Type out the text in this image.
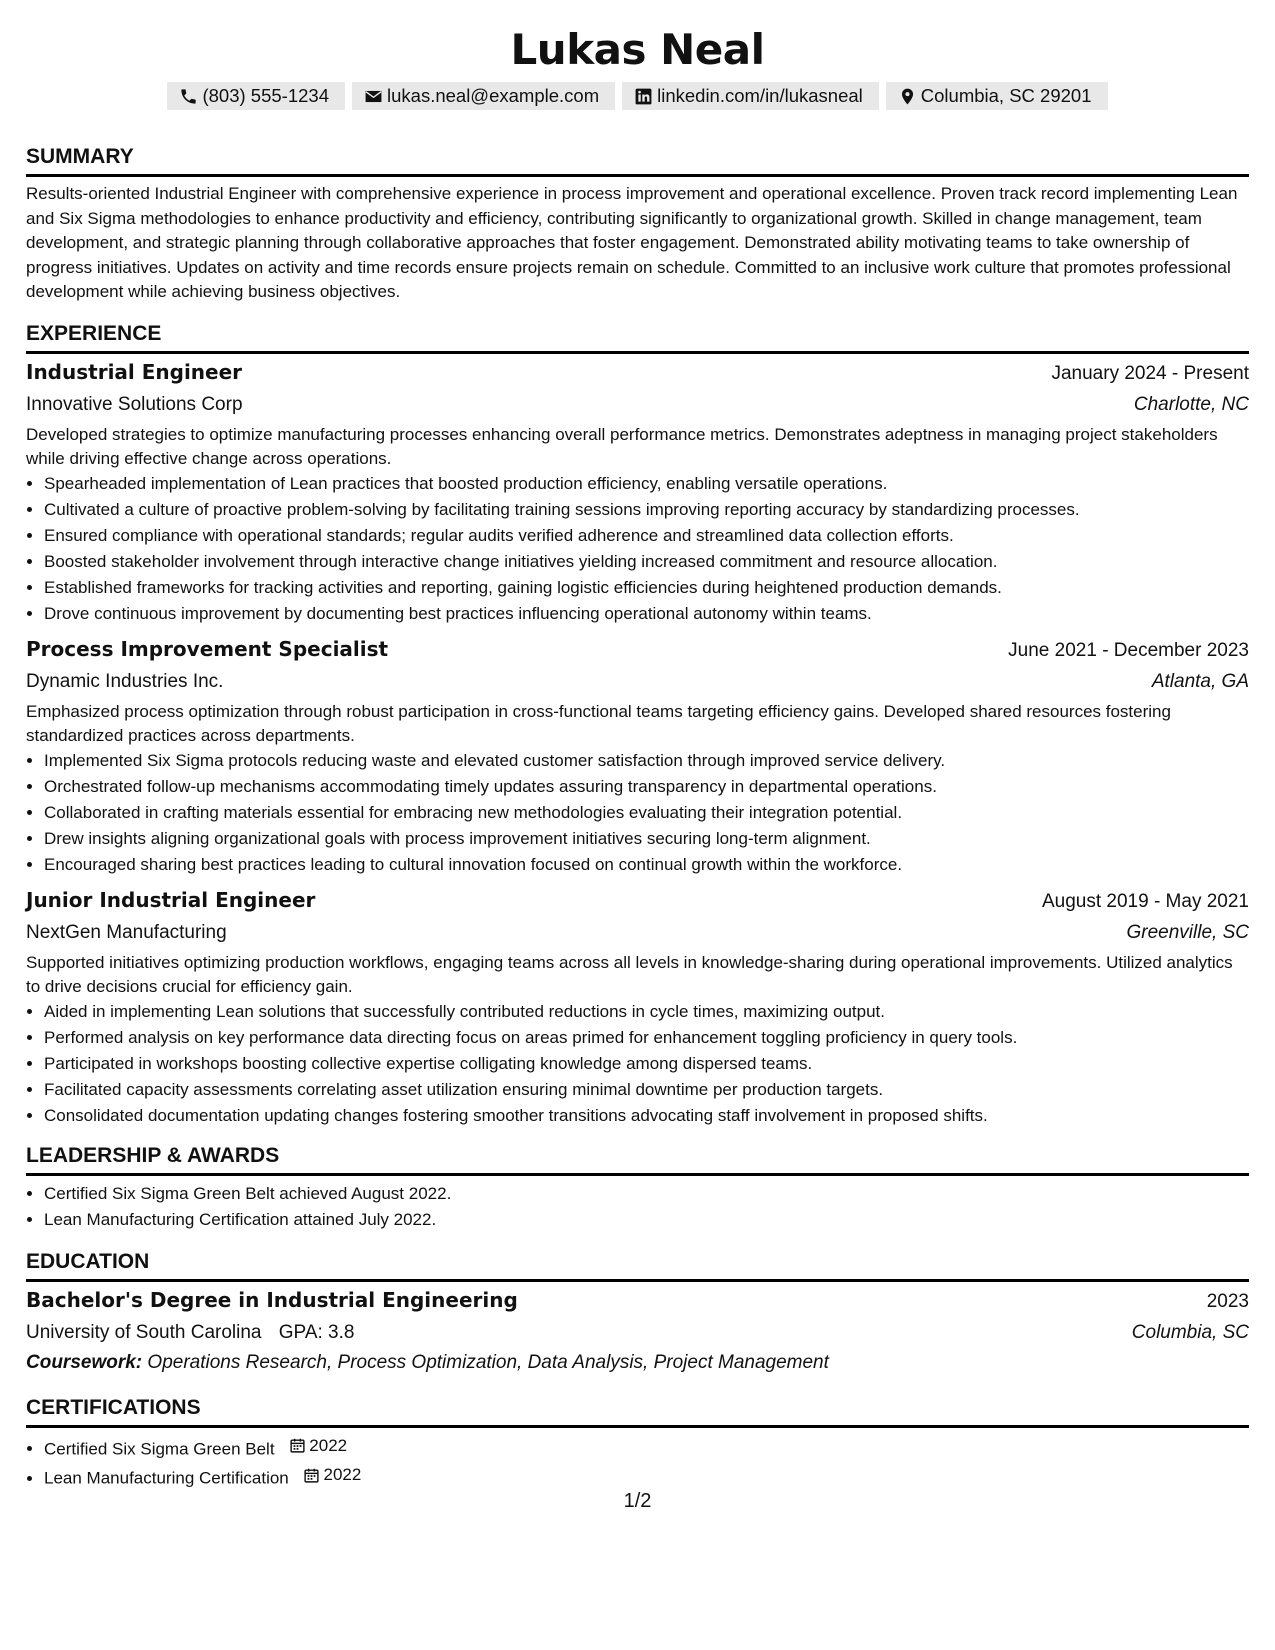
Lukas Neal
(803) 555-1234	lukas.neal@example.com	linkedin.com/in/lukasneal	Columbia, SC 29201
SUMMARY
Results-oriented Industrial Engineer with comprehensive experience in process improvement and operational excellence. Proven track record implementing Lean and Six Sigma methodologies to enhance productivity and efficiency, contributing significantly to organizational growth. Skilled in change management, team development, and strategic planning through collaborative approaches that foster engagement. Demonstrated ability motivating teams to take ownership of progress initiatives. Updates on activity and time records ensure projects remain on schedule. Committed to an inclusive work culture that promotes professional development while achieving business objectives.
EXPERIENCE
Industrial Engineer	January 2024 - Present
Innovative Solutions Corp	Charlotte, NC
Developed strategies to optimize manufacturing processes enhancing overall performance metrics. Demonstrates adeptness in managing project stakeholders while driving effective change across operations.
• Spearheaded implementation of Lean practices that boosted production efficiency, enabling versatile operations.
• Cultivated a culture of proactive problem-solving by facilitating training sessions improving reporting accuracy by standardizing processes.
• Ensured compliance with operational standards; regular audits verified adherence and streamlined data collection efforts.
• Boosted stakeholder involvement through interactive change initiatives yielding increased commitment and resource allocation.
• Established frameworks for tracking activities and reporting, gaining logistic efficiencies during heightened production demands.
• Drove continuous improvement by documenting best practices influencing operational autonomy within teams.
Process Improvement Specialist	June 2021 - December 2023
Dynamic Industries Inc.	Atlanta, GA
Emphasized process optimization through robust participation in cross-functional teams targeting efficiency gains. Developed shared resources fostering standardized practices across departments.
• Implemented Six Sigma protocols reducing waste and elevated customer satisfaction through improved service delivery.
• Orchestrated follow-up mechanisms accommodating timely updates assuring transparency in departmental operations.
• Collaborated in crafting materials essential for embracing new methodologies evaluating their integration potential.
• Drew insights aligning organizational goals with process improvement initiatives securing long-term alignment.
• Encouraged sharing best practices leading to cultural innovation focused on continual growth within the workforce.
Junior Industrial Engineer	August 2019 - May 2021
NextGen Manufacturing	Greenville, SC
Supported initiatives optimizing production workflows, engaging teams across all levels in knowledge-sharing during operational improvements. Utilized analytics to drive decisions crucial for efficiency gain.
• Aided in implementing Lean solutions that successfully contributed reductions in cycle times, maximizing output.
• Performed analysis on key performance data directing focus on areas primed for enhancement toggling proficiency in query tools.
• Participated in workshops boosting collective expertise colligating knowledge among dispersed teams.
• Facilitated capacity assessments correlating asset utilization ensuring minimal downtime per production targets.
• Consolidated documentation updating changes fostering smoother transitions advocating staff involvement in proposed shifts.
LEADERSHIP & AWARDS
• Certified Six Sigma Green Belt achieved August 2022.
• Lean Manufacturing Certification attained July 2022.
EDUCATION
Bachelor's Degree in Industrial Engineering	2023
University of South Carolina GPA: 3.8	Columbia, SC
Coursework: Operations Research, Process Optimization, Data Analysis, Project Management
CERTIFICATIONS
• Certified Six Sigma Green Belt 2022
• Lean Manufacturing Certification 2022
1/2
